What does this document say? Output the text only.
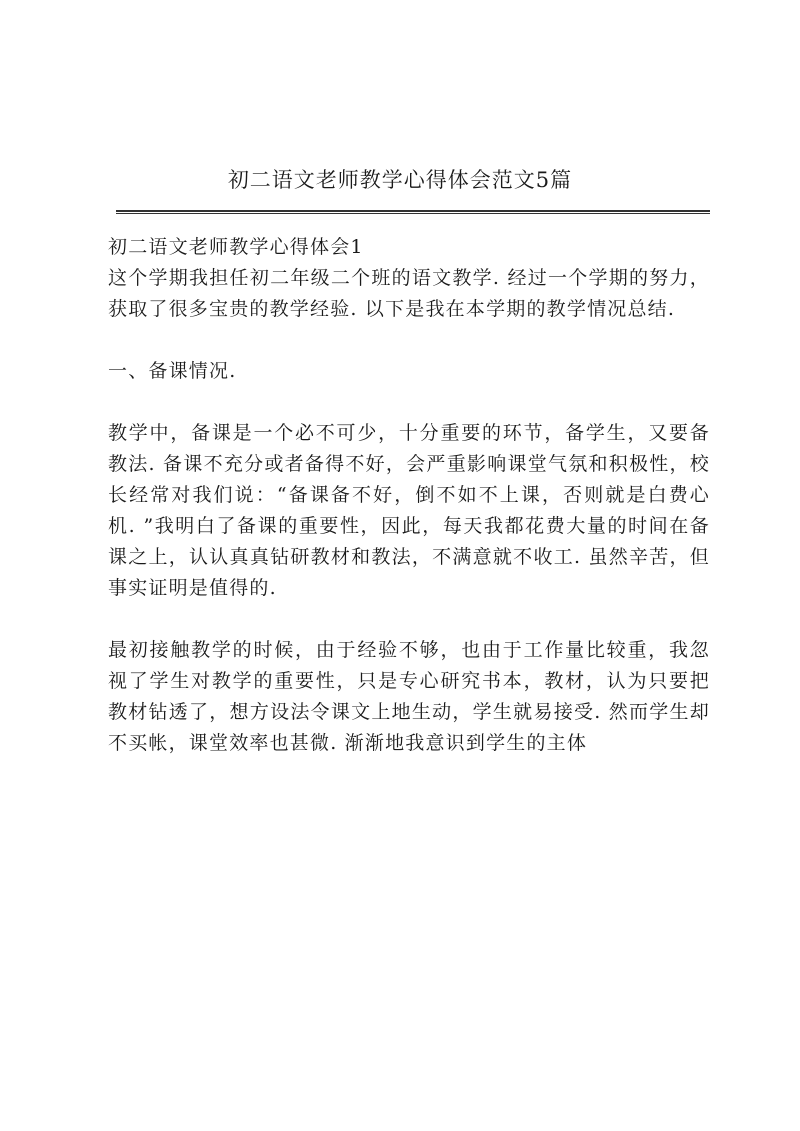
初二语文老师教学心得体会范文5篇

初二语文老师教学心得体会1

这个学期我担任初二年级二个班的语文教学. 经过一个学期的努力，获取了很多宝贵的教学经验. 以下是我在本学期的教学情况总结.

一、备课情况.

教学中，备课是一个必不可少，十分重要的环节，备学生，又要备教法. 备课不充分或者备得不好，会严重影响课堂气氛和积极性，校长经常对我们说：“备课备不好，倒不如不上课，否则就是白费心机. ”我明白了备课的重要性，因此，每天我都花费大量的时间在备课之上，认认真真钻研教材和教法，不满意就不收工. 虽然辛苦，但事实证明是值得的.

最初接触教学的时候，由于经验不够，也由于工作量比较重，我忽视了学生对教学的重要性，只是专心研究书本，教材，认为只要把教材钻透了，想方设法令课文上地生动，学生就易接受. 然而学生却不买帐，课堂效率也甚微. 渐渐地我意识到学生的主体
